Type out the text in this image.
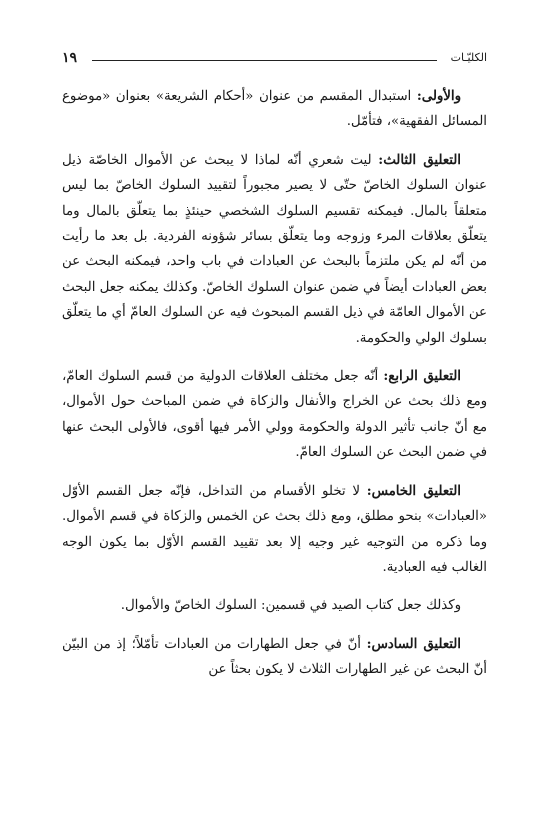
الكليّـات
١٩

والأولى: استبدال المقسم من عنوان «أحكام الشريعة» بعنوان «موضوع المسائل الفقهية»، فتأمّل.

التعليق الثالث: ليت شعري أنّه لماذا لا يبحث عن الأموال الخاصّة ذيل عنوان السلوك الخاصّ حتّى لا يصير مجبوراً لتقييد السلوك الخاصّ بما ليس متعلقاً بالمال. فيمكنه تقسيم السلوك الشخصي حينئذٍ بما يتعلّق بالمال وما يتعلّق بعلاقات المرء وزوجه وما يتعلّق بسائر شؤونه الفردية. بل بعد ما رأيت من أنّه لم يكن ملتزماً بالبحث عن العبادات في باب واحد، فيمكنه البحث عن بعض العبادات أيضاً في ضمن عنوان السلوك الخاصّ. وكذلك يمكنه جعل البحث عن الأموال العامّة في ذيل القسم المبحوث فيه عن السلوك العامّ أي ما يتعلّق بسلوك الولي والحكومة.

التعليق الرابع: أنّه جعل مختلف العلاقات الدولية من قسم السلوك العامّ، ومع ذلك بحث عن الخراج والأنفال والزكاة في ضمن المباحث حول الأموال، مع أنّ جانب تأثير الدولة والحكومة وولي الأمر فيها أقوى، فالأولى البحث عنها في ضمن البحث عن السلوك العامّ.

التعليق الخامس: لا تخلو الأقسام من التداخل، فإنّه جعل القسم الأوّل «العبادات» بنحو مطلق، ومع ذلك بحث عن الخمس والزكاة في قسم الأموال. وما ذكره من التوجيه غير وجيه إلا بعد تقييد القسم الأوّل بما يكون الوجه الغالب فيه العبادية.

وكذلك جعل كتاب الصيد في قسمين: السلوك الخاصّ والأموال.

التعليق السادس: أنّ في جعل الطهارات من العبادات تأمّلاً؛ إذ من البيّن أنّ البحث عن غير الطهارات الثلاث لا يكون بحثاً عن
